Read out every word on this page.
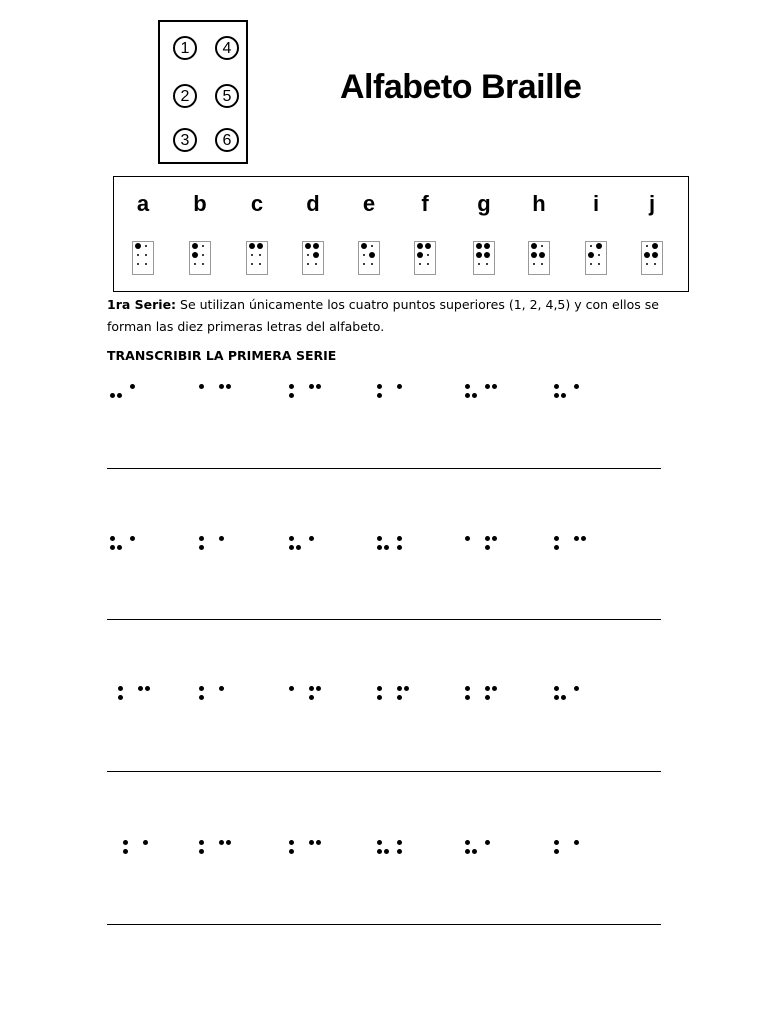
1
2
3
4
5
6
Alfabeto Braille
a	b	c	d	e	f	g	h	i	j
1ra Serie: Se utilizan únicamente los cuatro puntos superiores (1, 2, 4,5) y con ellos se forman las diez primeras letras del alfabeto.
TRANSCRIBIR LA PRIMERA SERIE
